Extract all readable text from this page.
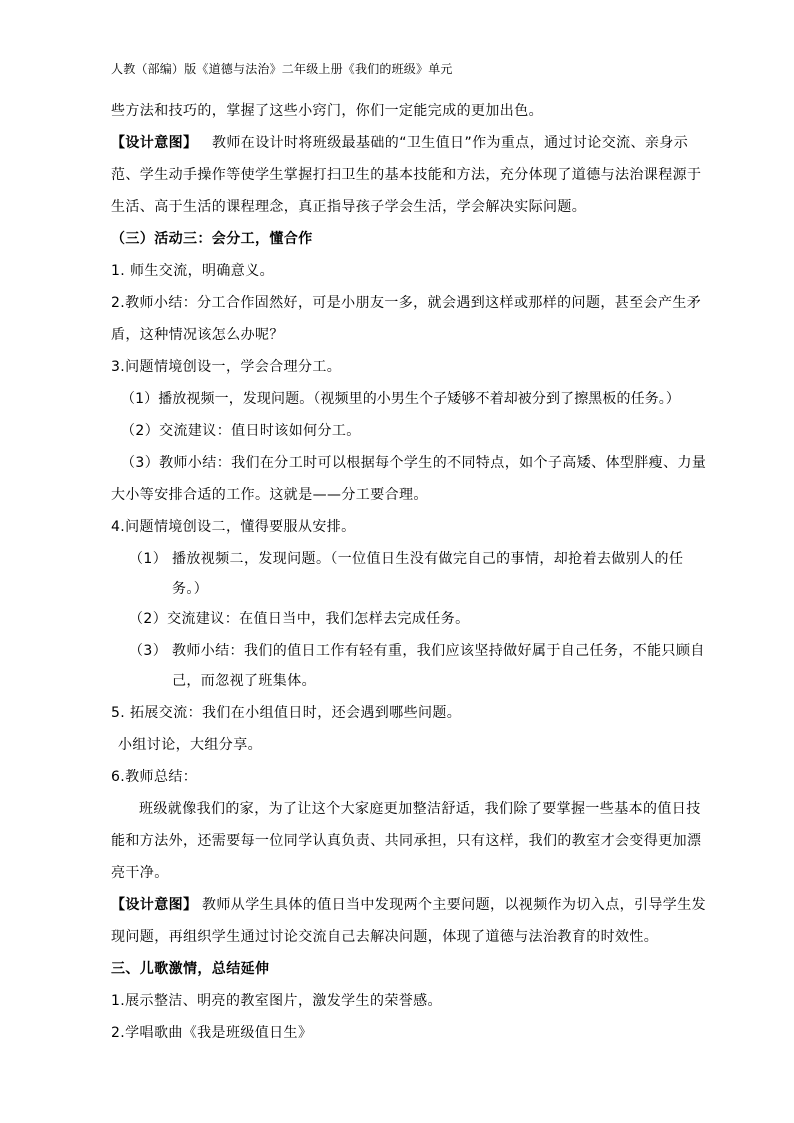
人教（部编）版《道德与法治》二年级上册《我们的班级》单元
些方法和技巧的，掌握了这些小窍门，你们一定能完成的更加出色。
【设计意图】 教师在设计时将班级最基础的“卫生值日”作为重点，通过讨论交流、亲身示
范、学生动手操作等使学生掌握打扫卫生的基本技能和方法，充分体现了道德与法治课程源于
生活、高于生活的课程理念，真正指导孩子学会生活，学会解决实际问题。
（三）活动三：会分工，懂合作
1. 师生交流，明确意义。
2.教师小结：分工合作固然好，可是小朋友一多，就会遇到这样或那样的问题，甚至会产生矛
盾，这种情况该怎么办呢？
3.问题情境创设一，学会合理分工。
（1）播放视频一，发现问题。（视频里的小男生个子矮够不着却被分到了擦黑板的任务。）
（2）交流建议：值日时该如何分工。
（3）教师小结：我们在分工时可以根据每个学生的不同特点，如个子高矮、体型胖瘦、力量
大小等安排合适的工作。这就是——分工要合理。
4.问题情境创设二，懂得要服从安排。
（1） 播放视频二，发现问题。（一位值日生没有做完自己的事情，却抢着去做别人的任
务。）
（2）交流建议：在值日当中，我们怎样去完成任务。
（3） 教师小结：我们的值日工作有轻有重，我们应该坚持做好属于自己任务，不能只顾自
己，而忽视了班集体。
5. 拓展交流：我们在小组值日时，还会遇到哪些问题。
小组讨论，大组分享。
6.教师总结：
班级就像我们的家，为了让这个大家庭更加整洁舒适，我们除了要掌握一些基本的值日技
能和方法外，还需要每一位同学认真负责、共同承担，只有这样，我们的教室才会变得更加漂
亮干净。
【设计意图】 教师从学生具体的值日当中发现两个主要问题，以视频作为切入点，引导学生发
现问题，再组织学生通过讨论交流自己去解决问题，体现了道德与法治教育的时效性。
三、儿歌激情，总结延伸
1.展示整洁、明亮的教室图片，激发学生的荣誉感。
2.学唱歌曲《我是班级值日生》
